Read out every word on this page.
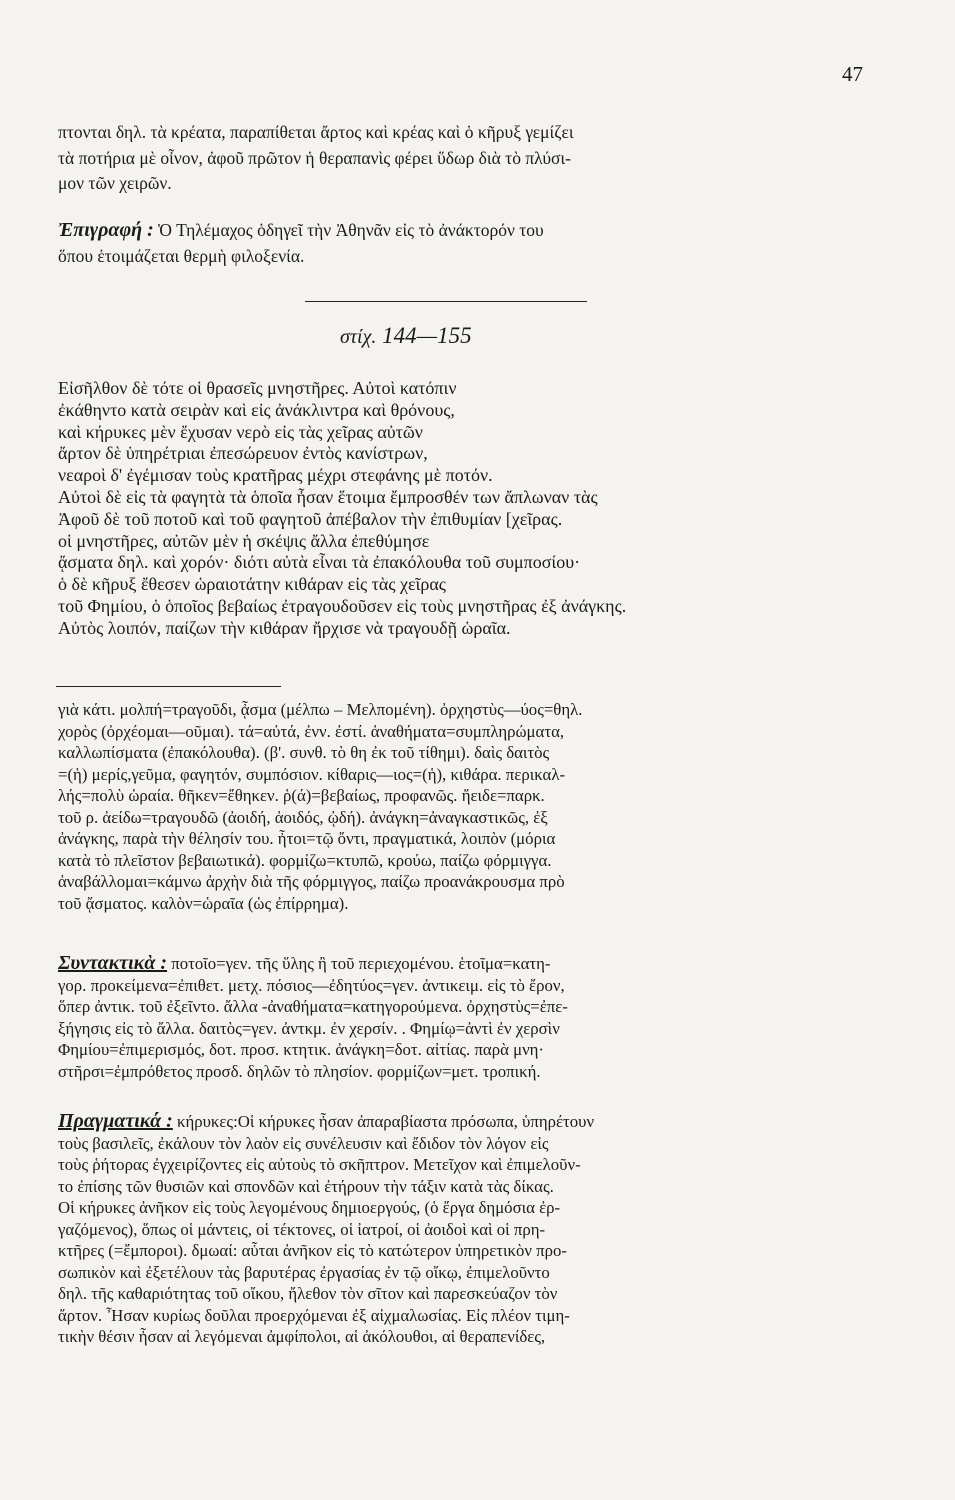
47
πτονται δηλ. τὰ κρέατα, παραπίθεται ἄρτος καὶ κρέας καὶ ὁ κῆρυξ γεμίζει
τὰ ποτήρια μὲ οἶνον, ἀφοῦ πρῶτον ἡ θεραπανὶς φέρει ὕδωρ διὰ τὸ πλύσι-
μον τῶν χειρῶν.
Ἐπιγραφή : Ὁ Τηλέμαχος ὁδηγεῖ τὴν Ἀθηνᾶν εἰς τὸ ἀνάκτορόν του
ὅπου ἑτοιμάζεται θερμὴ φιλοξενία.
στίχ. 144—155
Εἰσῆλθον δὲ τότε οἱ θρασεῖς μνηστῆρες. Αὐτοὶ κατόπιν
ἐκάθηντο κατὰ σειρὰν καὶ εἰς ἀνάκλιντρα καὶ θρόνους,
καὶ κήρυκες μὲν ἔχυσαν νερὸ εἰς τὰς χεῖρας αὐτῶν
ἄρτον δὲ ὑπηρέτριαι ἐπεσώρευον ἐντὸς κανίστρων,
νεαροὶ δ' ἐγέμισαν τοὺς κρατῆρας μέχρι στεφάνης μὲ ποτόν.
Αὐτοὶ δὲ εἰς τὰ φαγητὰ τὰ ὁποῖα ἦσαν ἕτοιμα ἔμπροσθέν των ἄπλωναν τὰς
Ἀφοῦ δὲ τοῦ ποτοῦ καὶ τοῦ φαγητοῦ ἀπέβαλον τὴν ἐπιθυμίαν [χεῖρας.
οἱ μνηστῆρες, αὐτῶν μὲν ἡ σκέψις ἄλλα ἐπεθύμησε
ᾄσματα δηλ. καὶ χορόν· διότι αὐτὰ εἶναι τὰ ἐπακόλουθα τοῦ συμποσίου·
ὁ δὲ κῆρυξ ἔθεσεν ὡραιοτάτην κιθάραν εἰς τὰς χεῖρας
τοῦ Φημίου, ὁ ὁποῖος βεβαίως ἐτραγουδοῦσεν εἰς τοὺς μνηστῆρας ἐξ ἀνάγκης.
Αὐτὸς λοιπόν, παίζων τὴν κιθάραν ἤρχισε νὰ τραγουδῇ ὡραῖα.
γιὰ κάτι. μολπή=τραγοῦδι, ᾆσμα (μέλπω – Μελπομένη). ὀρχηστὺς—ύος=θηλ.
χορὸς (ὀρχέομαι—οῦμαι). τά=αὐτά, ἐνν. ἐστί. ἀναθήματα=συμπληρώματα,
καλλωπίσματα (ἐπακόλουθα). (β'. συνθ. τὸ θη ἐκ τοῦ τίθημι). δαὶς δαιτὸς
=(ἡ) μερίς,γεῦμα, φαγητόν, συμπόσιον. κίθαρις—ιος=(ἡ), κιθάρα. περικαλ-
λής=πολὺ ὡραία. θῆκεν=ἔθηκεν. ῥ(ά)=βεβαίως, προφανῶς. ἤειδε=παρκ.
τοῦ ρ. ἀείδω=τραγουδῶ (ἀοιδή, ἀοιδός, ᾠδή). ἀνάγκη=ἀναγκαστικῶς, ἐξ
ἀνάγκης, παρὰ τὴν θέλησίν του. ἦτοι=τῷ ὄντι, πραγματικά, λοιπὸν (μόρια
κατὰ τὸ πλεῖστον βεβαιωτικά). φορμίζω=κτυπῶ, κρούω, παίζω φόρμιγγα.
ἀναβάλλομαι=κάμνω ἀρχὴν διὰ τῆς φόρμιγγος, παίζω προανάκρουσμα πρὸ
τοῦ ᾄσματος. καλὸν=ὡραῖα (ὡς ἐπίρρημα).
Συντακτικὰ : ποτοῖο=γεν. τῆς ὕλης ἢ τοῦ περιεχομένου. ἑτοῖμα=κατη-
γορ. προκείμενα=ἐπιθετ. μετχ. πόσιος—ἐδητύος=γεν. ἀντικειμ. εἰς τὸ ἔρον,
ὅπερ ἀντικ. τοῦ ἐξεῖντο. ἄλλα -ἀναθήματα=κατηγορούμενα. ὀρχηστὺς=ἐπε-
ξήγησις εἰς τὸ ἄλλα. δαιτὸς=γεν. ἀντκμ. ἐν χερσίν. . Φημίῳ=ἀντὶ ἐν χερσὶν
Φημίου=ἐπιμερισμός, δοτ. προσ. κτητικ. ἀνάγκη=δοτ. αἰτίας. παρὰ μνη·
στῆρσι=ἐμπρόθετος προσδ. δηλῶν τὸ πλησίον. φορμίζων=μετ. τροπική.
Πραγματικά : κήρυκες:Οἱ κήρυκες ἦσαν ἀπαραβίαστα πρόσωπα, ὑπηρέτουν
τοὺς βασιλεῖς, ἐκάλουν τὸν λαὸν εἰς συνέλευσιν καὶ ἔδιδον τὸν λόγον εἰς
τοὺς ῥήτορας ἐγχειρίζοντες εἰς αὐτοὺς τὸ σκῆπτρον. Μετεῖχον καὶ ἐπιμελοῦν-
το ἐπίσης τῶν θυσιῶν καὶ σπονδῶν καὶ ἐτήρουν τὴν τάξιν κατὰ τὰς δίκας.
Οἱ κήρυκες ἀνῆκον εἰς τοὺς λεγομένους δημιοεργούς, (ὁ ἔργα δημόσια ἐρ-
γαζόμενος), ὅπως οἱ μάντεις, οἱ τέκτονες, οἱ ἰατροί, οἱ ἀοιδοὶ καὶ οἱ πρη-
κτῆρες (=ἔμποροι). δμωαί: αὗται ἀνῆκον εἰς τὸ κατώτερον ὑπηρετικὸν προ-
σωπικὸν καὶ ἐξετέλουν τὰς βαρυτέρας ἐργασίας ἐν τῷ οἴκῳ, ἐπιμελοῦντο
δηλ. τῆς καθαριότητας τοῦ οἴκου, ἤλεθον τὸν σῖτον καὶ παρεσκεύαζον τὸν
ἄρτον. Ἦσαν κυρίως δοῦλαι προερχόμεναι ἐξ αἰχμαλωσίας. Εἰς πλέον τιμη-
τικὴν θέσιν ἦσαν αἱ λεγόμεναι ἀμφίπολοι, αἱ ἀκόλουθοι, αἱ θεραπενίδες,
